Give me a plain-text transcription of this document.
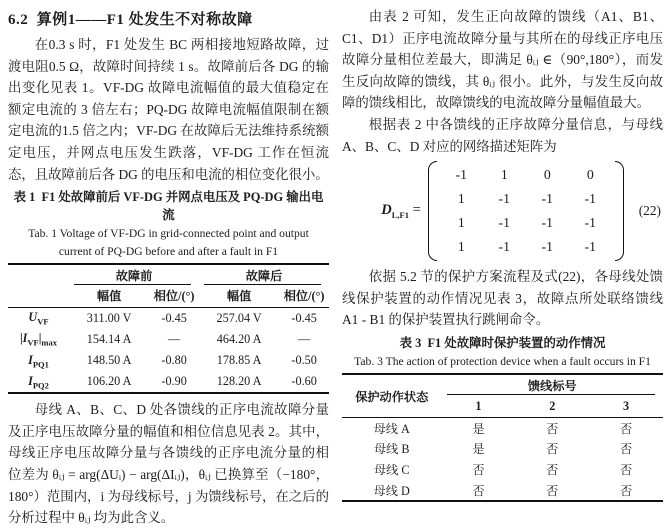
6.2  算例1——F1 处发生不对称故障

在0.3 s 时，F1 处发生 BC 两相接地短路故障，过渡电阻0.5 Ω，故障时间持续 1 s。故障前后各 DG 的输出变化见表 1。VF-DG 故障电流幅值的最大值稳定在额定电流的 3 倍左右；PQ-DG 故障电流幅值限制在额定电流的1.5 倍之内；VF-DG 在故障后无法维持系统额定电压，并网点电压发生跌落，VF-DG 工作在恒流态，且故障前后各 DG 的电压和电流的相位变化很小。

表 1  F1 处故障前后 VF-DG 并网点电压及 PQ-DG 输出电流
Tab. 1 Voltage of VF-DG in grid-connected point and output current of PQ-DG before and after a fault in F1
	故障前		故障后	
	幅值	相位/(°)	幅值	相位/(°)
$U_{VF}$	311.00 V	-0.45	257.04 V	-0.45
$|I_{VF}|_{max}$	154.14 A	—	464.20 A	—
$I_{PQ1}$	148.50 A	-0.80	178.85 A	-0.50
$I_{PQ2}$	106.20 A	-0.90	128.20 A	-0.60

母线 A、B、C、D 处各馈线的正序电流故障分量及正序电压故障分量的幅值和相位信息见表 2。其中，母线正序电压故障分量与各馈线的正序电流分量的相位差为 θᵢⱼ = arg(ΔUᵢ) − arg(ΔIᵢⱼ)，θᵢⱼ 已换算至（−180°，180°）范围内，i 为母线标号，j 为馈线标号，在之后的分析过程中 θᵢⱼ 均为此含义。

由表 2 可知，发生正向故障的馈线（A1、B1、C1、D1）正序电流故障分量与其所在的母线正序电压故障分量相位差最大，即满足 θᵢⱼ ∈（90°,180°），而发生反向故障的馈线，其 θᵢⱼ 很小。此外，与发生反向故障的馈线相比，故障馈线的电流故障分量幅值最大。

根据表 2 中各馈线的正序故障分量信息，与母线 A、B、C、D 对应的网络描述矩阵为

$D_{L,F1}$ =
-1	1	0	0
1	-1	-1	-1
1	-1	-1	-1
1	-1	-1	-1
(22)

依据 5.2 节的保护方案流程及式(22)，各母线处馈线保护装置的动作情况见表 3，故障点所处联络馈线 A1 - B1 的保护装置执行跳闸命令。

表 3  F1 处故障时保护装置的动作情况
Tab. 3 The action of protection device when a fault occurs in F1
保护动作状态	馈线标号		
	1	2	3
母线 A	是	否	否
母线 B	是	否	否
母线 C	否	否	否
母线 D	否	否	否
